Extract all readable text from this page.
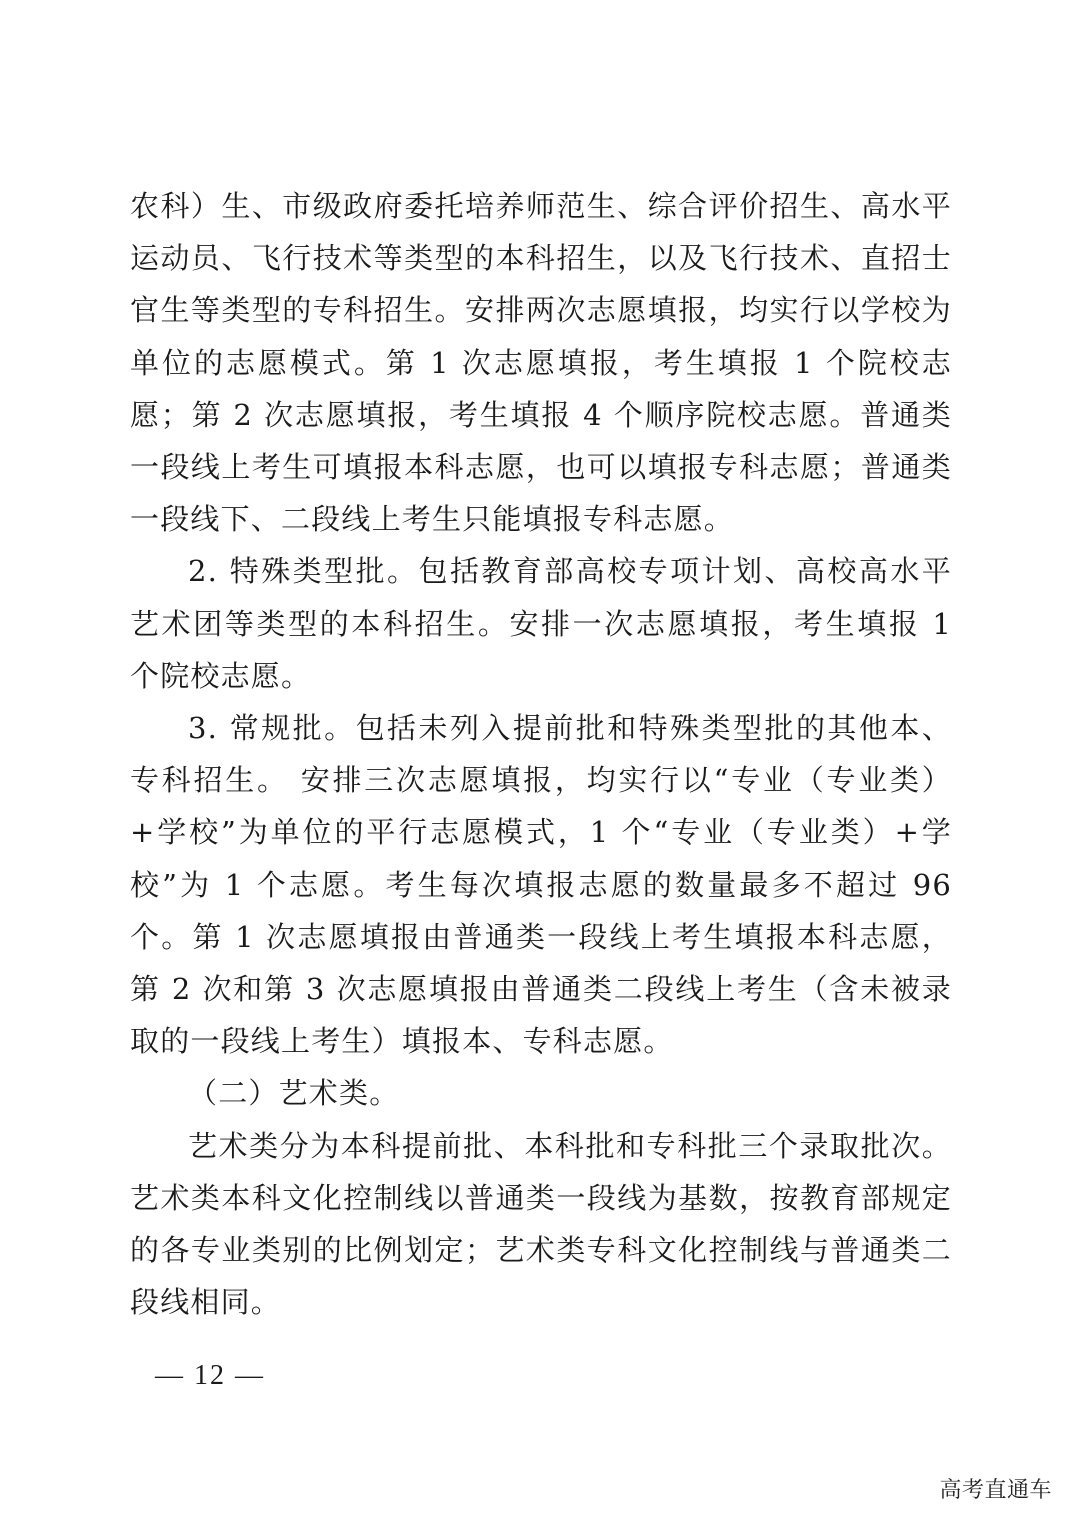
农科）生、市级政府委托培养师范生、综合评价招生、高水平运动员、飞行技术等类型的本科招生，以及飞行技术、直招士官生等类型的专科招生。安排两次志愿填报，均实行以学校为单位的志愿模式。第 1 次志愿填报，考生填报 1 个院校志愿；第 2 次志愿填报，考生填报 4 个顺序院校志愿。普通类一段线上考生可填报本科志愿，也可以填报专科志愿；普通类一段线下、二段线上考生只能填报专科志愿。

2. 特殊类型批。包括教育部高校专项计划、高校高水平艺术团等类型的本科招生。安排一次志愿填报，考生填报 1 个院校志愿。

3. 常规批。包括未列入提前批和特殊类型批的其他本、专科招生。 安排三次志愿填报，均实行以“专业（专业类）+学校”为单位的平行志愿模式，1 个“专业（专业类）+学校”为 1 个志愿。考生每次填报志愿的数量最多不超过 96 个。第 1 次志愿填报由普通类一段线上考生填报本科志愿，第 2 次和第 3 次志愿填报由普通类二段线上考生（含未被录取的一段线上考生）填报本、专科志愿。

（二）艺术类。

艺术类分为本科提前批、本科批和专科批三个录取批次。艺术类本科文化控制线以普通类一段线为基数，按教育部规定的各专业类别的比例划定；艺术类专科文化控制线与普通类二段线相同。

— 12 —
高考直通车
